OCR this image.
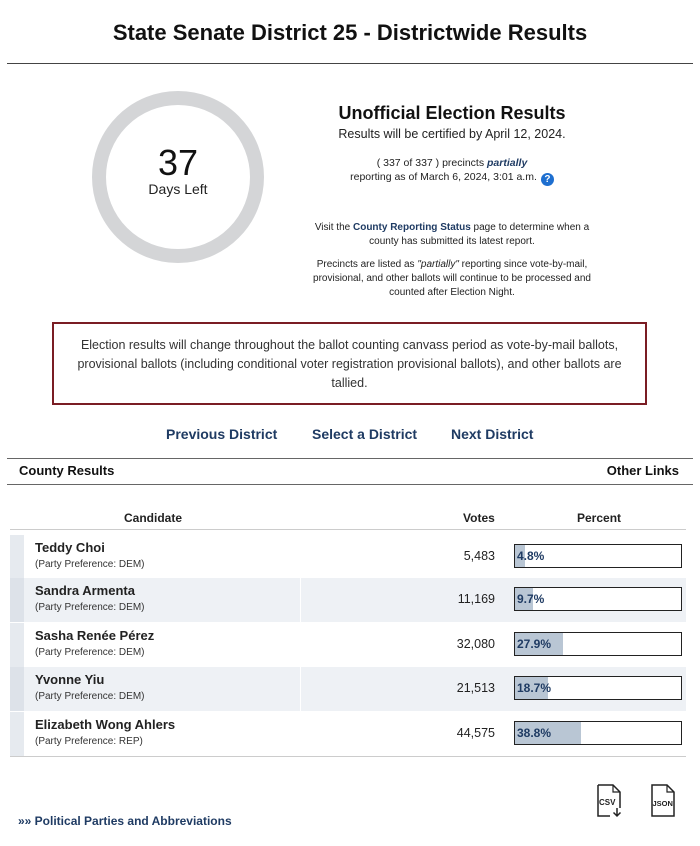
State Senate District 25 - Districtwide Results
37
Days Left
Unofficial Election Results
Results will be certified by April 12, 2024.
( 337 of 337 ) precincts partially
reporting as of March 6, 2024, 3:01 a.m. ?
Visit the County Reporting Status page to determine when a county has submitted its latest report.
Precincts are listed as "partially" reporting since vote-by-mail, provisional, and other ballots will continue to be processed and counted after Election Night.
Election results will change throughout the ballot counting canvass period as vote-by-mail ballots, provisional ballots (including conditional voter registration provisional ballots), and other ballots are tallied.
Previous District Select a District Next District
County Results	Other Links
Candidate	Votes	Percent
Teddy Choi
(Party Preference: DEM)
5,483 4.8%
Sandra Armenta
(Party Preference: DEM)
11,169 9.7%
Sasha Renée Pérez
(Party Preference: DEM)
32,080 27.9%
Yvonne Yiu
(Party Preference: DEM)
21,513 18.7%
Elizabeth Wong Ahlers
(Party Preference: REP)
44,575 38.8%
CSV	JSON
»» Political Parties and Abbreviations
